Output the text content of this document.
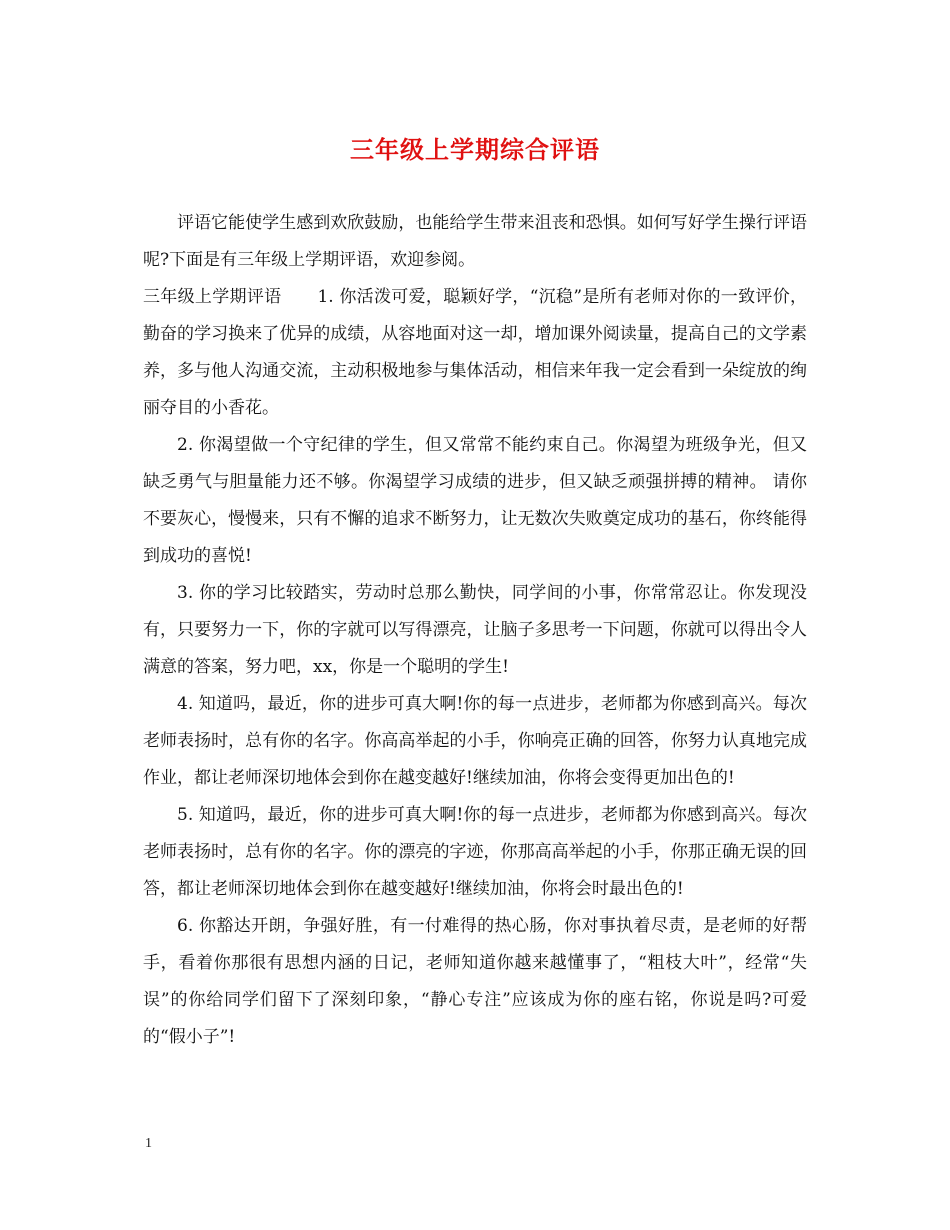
三年级上学期综合评语

评语它能使学生感到欢欣鼓励，也能给学生带来沮丧和恐惧。如何写好学生操行评语呢?下面是有三年级上学期评语，欢迎参阅。

三年级上学期评语 1. 你活泼可爱，聪颖好学，“沉稳”是所有老师对你的一致评价，勤奋的学习换来了优异的成绩，从容地面对这一却，增加课外阅读量，提高自己的文学素养，多与他人沟通交流，主动积极地参与集体活动，相信来年我一定会看到一朵绽放的绚丽夺目的小香花。

2. 你渴望做一个守纪律的学生，但又常常不能约束自己。你渴望为班级争光，但又缺乏勇气与胆量能力还不够。你渴望学习成绩的进步，但又缺乏顽强拼搏的精神。 请你不要灰心，慢慢来，只有不懈的追求不断努力，让无数次失败奠定成功的基石，你终能得到成功的喜悦!

3. 你的学习比较踏实，劳动时总那么勤快，同学间的小事，你常常忍让。你发现没有，只要努力一下，你的字就可以写得漂亮，让脑子多思考一下问题，你就可以得出令人满意的答案，努力吧，xx，你是一个聪明的学生!

4. 知道吗，最近，你的进步可真大啊!你的每一点进步，老师都为你感到高兴。每次老师表扬时，总有你的名字。你高高举起的小手，你响亮正确的回答，你努力认真地完成作业，都让老师深切地体会到你在越变越好!继续加油，你将会变得更加出色的!

5. 知道吗，最近，你的进步可真大啊!你的每一点进步，老师都为你感到高兴。每次老师表扬时，总有你的名字。你的漂亮的字迹，你那高高举起的小手，你那正确无误的回答，都让老师深切地体会到你在越变越好!继续加油，你将会时最出色的!

6. 你豁达开朗，争强好胜，有一付难得的热心肠，你对事执着尽责，是老师的好帮手，看着你那很有思想内涵的日记，老师知道你越来越懂事了，“粗枝大叶”，经常“失误”的你给同学们留下了深刻印象，“静心专注”应该成为你的座右铭，你说是吗?可爱的“假小子”!

1
